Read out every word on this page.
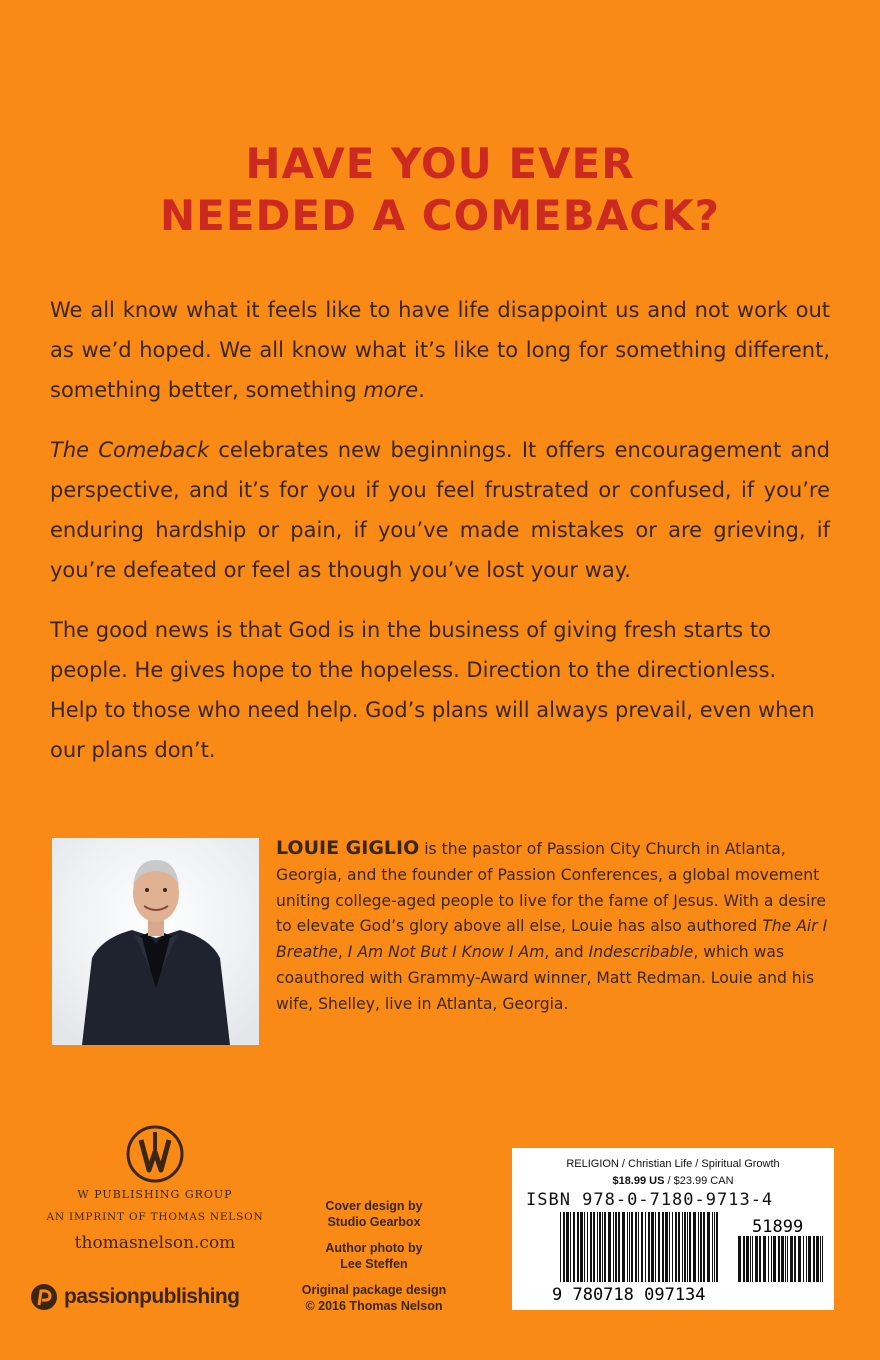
HAVE YOU EVER
NEEDED A COMEBACK?

We all know what it feels like to have life disappoint us and not work out as we’d hoped. We all know what it’s like to long for something different, something better, something more.

The Comeback celebrates new beginnings. It offers encouragement and perspective, and it’s for you if you feel frustrated or confused, if you’re enduring hardship or pain, if you’ve made mistakes or are grieving, if you’re defeated or feel as though you’ve lost your way.

The good news is that God is in the business of giving fresh starts to people. He gives hope to the hopeless. Direction to the directionless. Help to those who need help. God’s plans will always prevail, even when our plans don’t.

LOUIE GIGLIO is the pastor of Passion City Church in Atlanta, Georgia, and the founder of Passion Conferences, a global movement uniting college-aged people to live for the fame of Jesus. With a desire to elevate God’s glory above all else, Louie has also authored The Air I Breathe, I Am Not But I Know I Am, and Indescribable, which was coauthored with Grammy-Award winner, Matt Redman. Louie and his wife, Shelley, live in Atlanta, Georgia.
W PUBLISHING GROUP
AN IMPRINT OF THOMAS NELSON
thomasnelson.com
passionpublishing
Cover design by
Studio Gearbox
Author photo by
Lee Steffen
Original package design
© 2016 Thomas Nelson
RELIGION / Christian Life / Spiritual Growth
$18.99 US / $23.99 CAN
ISBN 978-0-7180-9713-4
9 780718 097134
51899
